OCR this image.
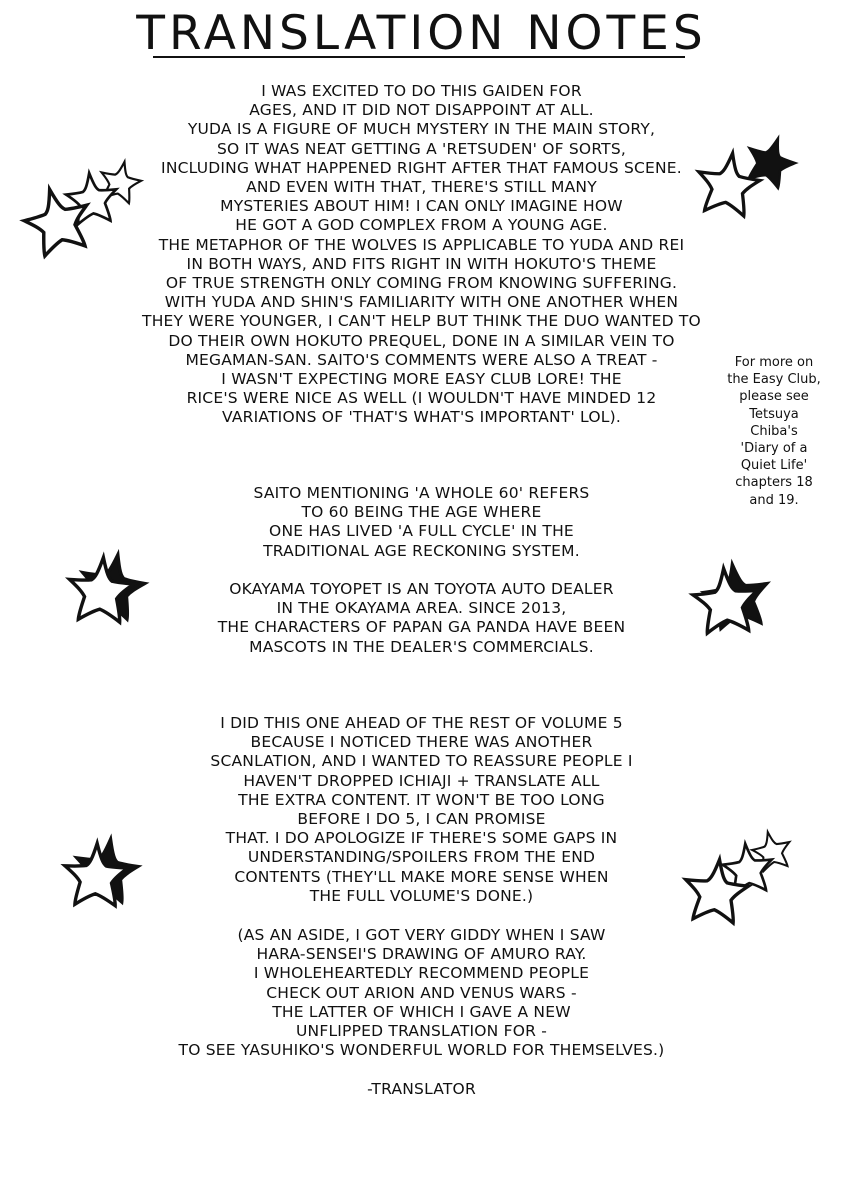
TRANSLATION NOTES
I WAS EXCITED TO DO THIS GAIDEN FOR
AGES, AND IT DID NOT DISAPPOINT AT ALL.
YUDA IS A FIGURE OF MUCH MYSTERY IN THE MAIN STORY,
SO IT WAS NEAT GETTING A 'RETSUDEN' OF SORTS,
INCLUDING WHAT HAPPENED RIGHT AFTER THAT FAMOUS SCENE.
AND EVEN WITH THAT, THERE'S STILL MANY
MYSTERIES ABOUT HIM! I CAN ONLY IMAGINE HOW
HE GOT A GOD COMPLEX FROM A YOUNG AGE.
THE METAPHOR OF THE WOLVES IS APPLICABLE TO YUDA AND REI
IN BOTH WAYS, AND FITS RIGHT IN WITH HOKUTO'S THEME
OF TRUE STRENGTH ONLY COMING FROM KNOWING SUFFERING.
WITH YUDA AND SHIN'S FAMILIARITY WITH ONE ANOTHER WHEN
THEY WERE YOUNGER, I CAN'T HELP BUT THINK THE DUO WANTED TO
DO THEIR OWN HOKUTO PREQUEL, DONE IN A SIMILAR VEIN TO
MEGAMAN-SAN. SAITO'S COMMENTS WERE ALSO A TREAT -
I WASN'T EXPECTING MORE EASY CLUB LORE! THE
RICE'S WERE NICE AS WELL (I WOULDN'T HAVE MINDED 12
VARIATIONS OF 'THAT'S WHAT'S IMPORTANT' LOL).
SAITO MENTIONING 'A WHOLE 60' REFERS
TO 60 BEING THE AGE WHERE
ONE HAS LIVED 'A FULL CYCLE' IN THE
TRADITIONAL AGE RECKONING SYSTEM.
OKAYAMA TOYOPET IS AN TOYOTA AUTO DEALER
IN THE OKAYAMA AREA. SINCE 2013,
THE CHARACTERS OF PAPAN GA PANDA HAVE BEEN
MASCOTS IN THE DEALER'S COMMERCIALS.
I DID THIS ONE AHEAD OF THE REST OF VOLUME 5
BECAUSE I NOTICED THERE WAS ANOTHER
SCANLATION, AND I WANTED TO REASSURE PEOPLE I
HAVEN'T DROPPED ICHIAJI + TRANSLATE ALL
THE EXTRA CONTENT. IT WON'T BE TOO LONG
BEFORE I DO 5, I CAN PROMISE
THAT. I DO APOLOGIZE IF THERE'S SOME GAPS IN
UNDERSTANDING/SPOILERS FROM THE END
CONTENTS (THEY'LL MAKE MORE SENSE WHEN
THE FULL VOLUME'S DONE.)
(AS AN ASIDE, I GOT VERY GIDDY WHEN I SAW
HARA-SENSEI'S DRAWING OF AMURO RAY.
I WHOLEHEARTEDLY RECOMMEND PEOPLE
CHECK OUT ARION AND VENUS WARS -
THE LATTER OF WHICH I GAVE A NEW
UNFLIPPED TRANSLATION FOR -
TO SEE YASUHIKO'S WONDERFUL WORLD FOR THEMSELVES.)
-TRANSLATOR
For more on
the Easy Club,
please see
Tetsuya
Chiba's
'Diary of a
Quiet Life'
chapters 18
and 19.
